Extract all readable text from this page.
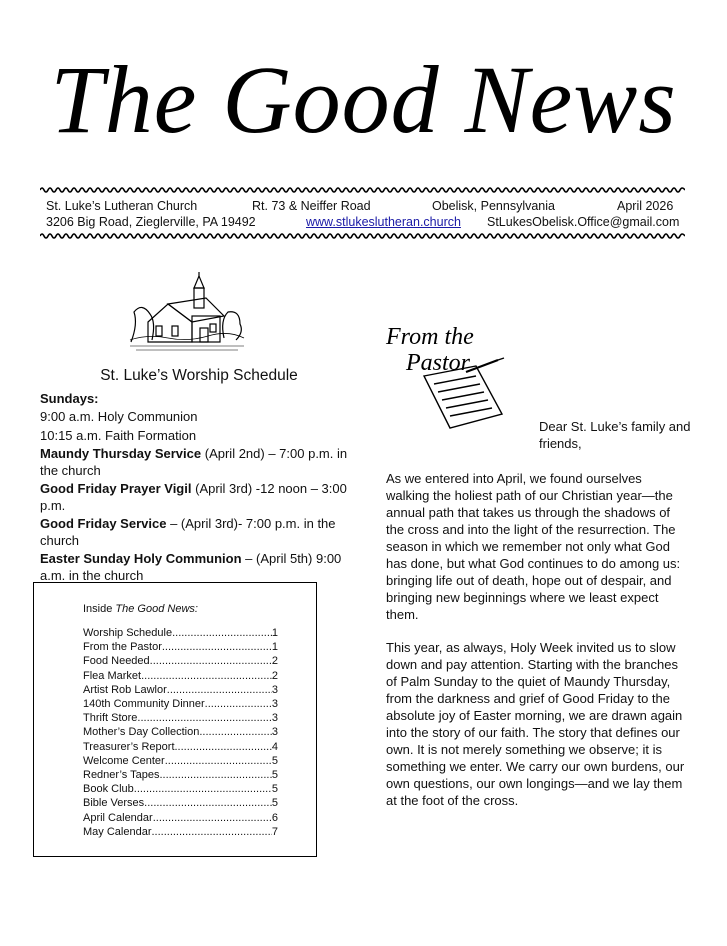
The Good News
St. Luke’s Lutheran Church	Rt. 73 & Neiffer Road	Obelisk, Pennsylvania	April 2026
3206 Big Road, Zieglerville, PA 19492	www.stlukeslutheran.church StLukesObelisk.Office@gmail.com
St. Luke’s Worship Schedule

Sundays:

9:00 a.m. Holy Communion

10:15 a.m. Faith Formation

Maundy Thursday Service (April 2nd) – 7:00 p.m. in the church

Good Friday Prayer Vigil (April 3rd) -12 noon – 3:00 p.m.

Good Friday Service – (April 3rd)- 7:00 p.m. in the church

Easter Sunday Holy Communion – (April 5th) 9:00 a.m. in the church

Inside The Good News:
Worship Schedule .....	1
From the Pastor .....	1
Food Needed .....	2
Flea Market .....	2
Artist Rob Lawlor .....	3
140th Community Dinner .....	3
Thrift Store .....	3
Mother’s Day Collection .....	3
Treasurer’s Report .....	4
Welcome Center .....	5
Redner’s Tapes .....	5
Book Club .....	5
Bible Verses .....	5
April Calendar .....	6
May Calendar .....	7
From the
Pastor
Dear St. Luke’s family and friends,

As we entered into April, we found ourselves walking the holiest path of our Christian year—the annual path that takes us through the shadows of the cross and into the light of the resurrection. The season in which we remember not only what God has done, but what God continues to do among us: bringing life out of death, hope out of despair, and bringing new beginnings where we least expect them.

This year, as always, Holy Week invited us to slow down and pay attention. Starting with the branches of Palm Sunday to the quiet of Maundy Thursday, from the darkness and grief of Good Friday to the absolute joy of Easter morning, we are drawn again into the story of our faith. The story that defines our own. It is not merely something we observe; it is something we enter. We carry our own burdens, our own questions, our own longings—and we lay them at the foot of the cross.
